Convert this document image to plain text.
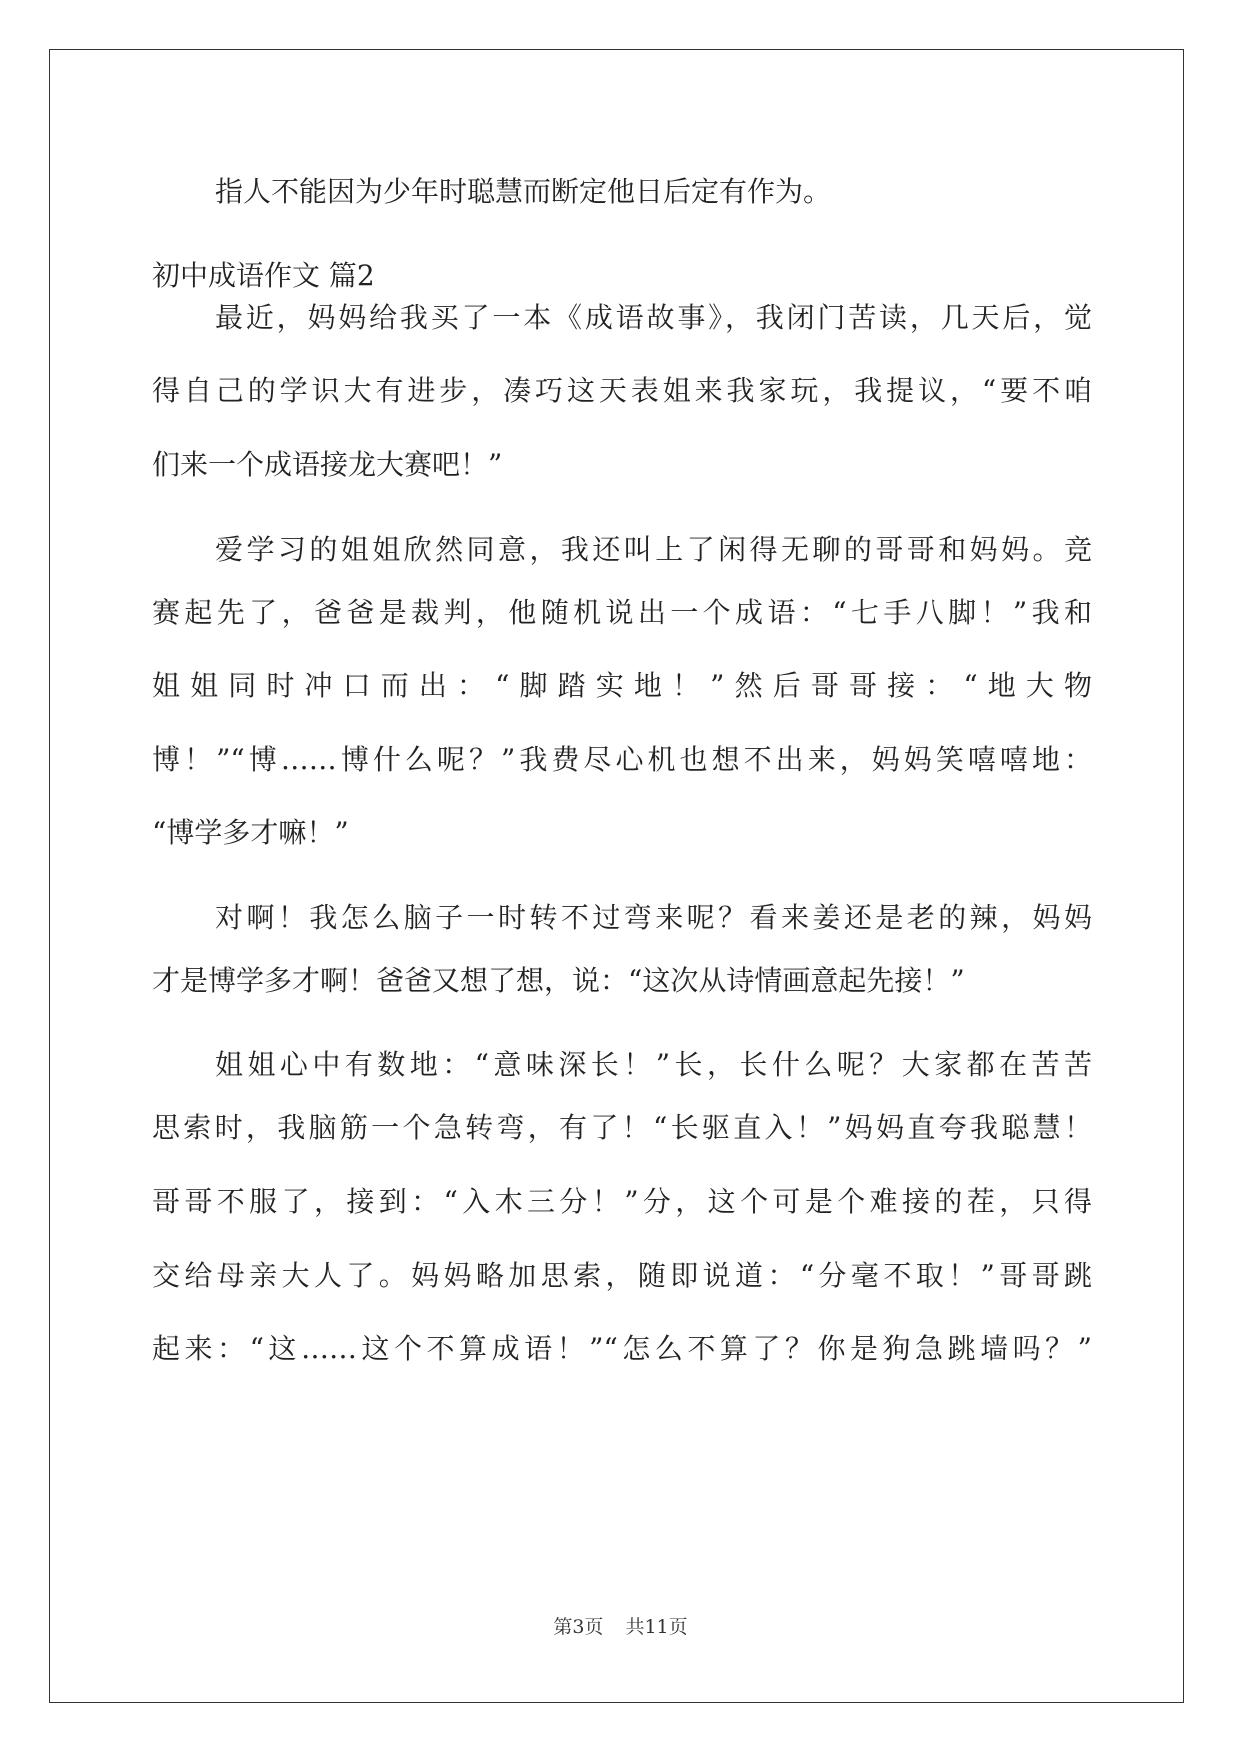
指人不能因为少年时聪慧而断定他日后定有作为。
初中成语作文 篇2
最近，妈妈给我买了一本《成语故事》，我闭门苦读，几天后，觉
得自己的学识大有进步，凑巧这天表姐来我家玩，我提议，“要不咱
们来一个成语接龙大赛吧！”
爱学习的姐姐欣然同意，我还叫上了闲得无聊的哥哥和妈妈。竞
赛起先了，爸爸是裁判，他随机说出一个成语：“七手八脚！”我和
姐姐同时冲口而出：“脚踏实地！”然后哥哥接：“地大物
博！”“博……博什么呢？”我费尽心机也想不出来，妈妈笑嘻嘻地：
“博学多才嘛！”
对啊！我怎么脑子一时转不过弯来呢？看来姜还是老的辣，妈妈
才是博学多才啊！爸爸又想了想，说：“这次从诗情画意起先接！”
姐姐心中有数地：“意味深长！”长，长什么呢？大家都在苦苦
思索时，我脑筋一个急转弯，有了！“长驱直入！”妈妈直夸我聪慧！
哥哥不服了，接到：“入木三分！”分，这个可是个难接的茬，只得
交给母亲大人了。妈妈略加思索，随即说道：“分毫不取！”哥哥跳
起来：“这……这个不算成语！”“怎么不算了？你是狗急跳墙吗？”
第3页 共11页
